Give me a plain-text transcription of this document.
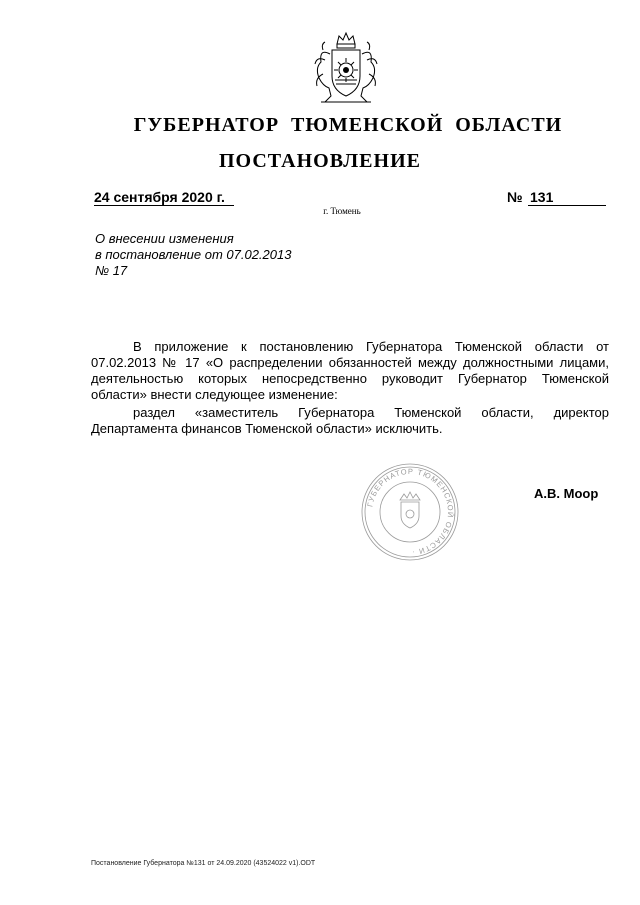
ГУБЕРНАТОР ТЮМЕНСКОЙ ОБЛАСТИ
ПОСТАНОВЛЕНИЕ
24 сентября 2020 г.	№ 131
г. Тюмень
О внесении изменения
в постановление от 07.02.2013
№ 17

В приложение к постановлению Губернатора Тюменской области от 07.02.2013 № 17 «О распределении обязанностей между должностными лицами, деятельностью которых непосредственно руководит Губернатор Тюменской области» внести следующее изменение:

раздел «заместитель Губернатора Тюменской области, директор Департамента финансов Тюменской области» исключить.

ГУБЕРНАТОР ТЮМЕНСКОЙ ОБЛАСТИ ·
А.В. Моор
Постановление Губернатора №131 от 24.09.2020 (43524022 v1).ODT
